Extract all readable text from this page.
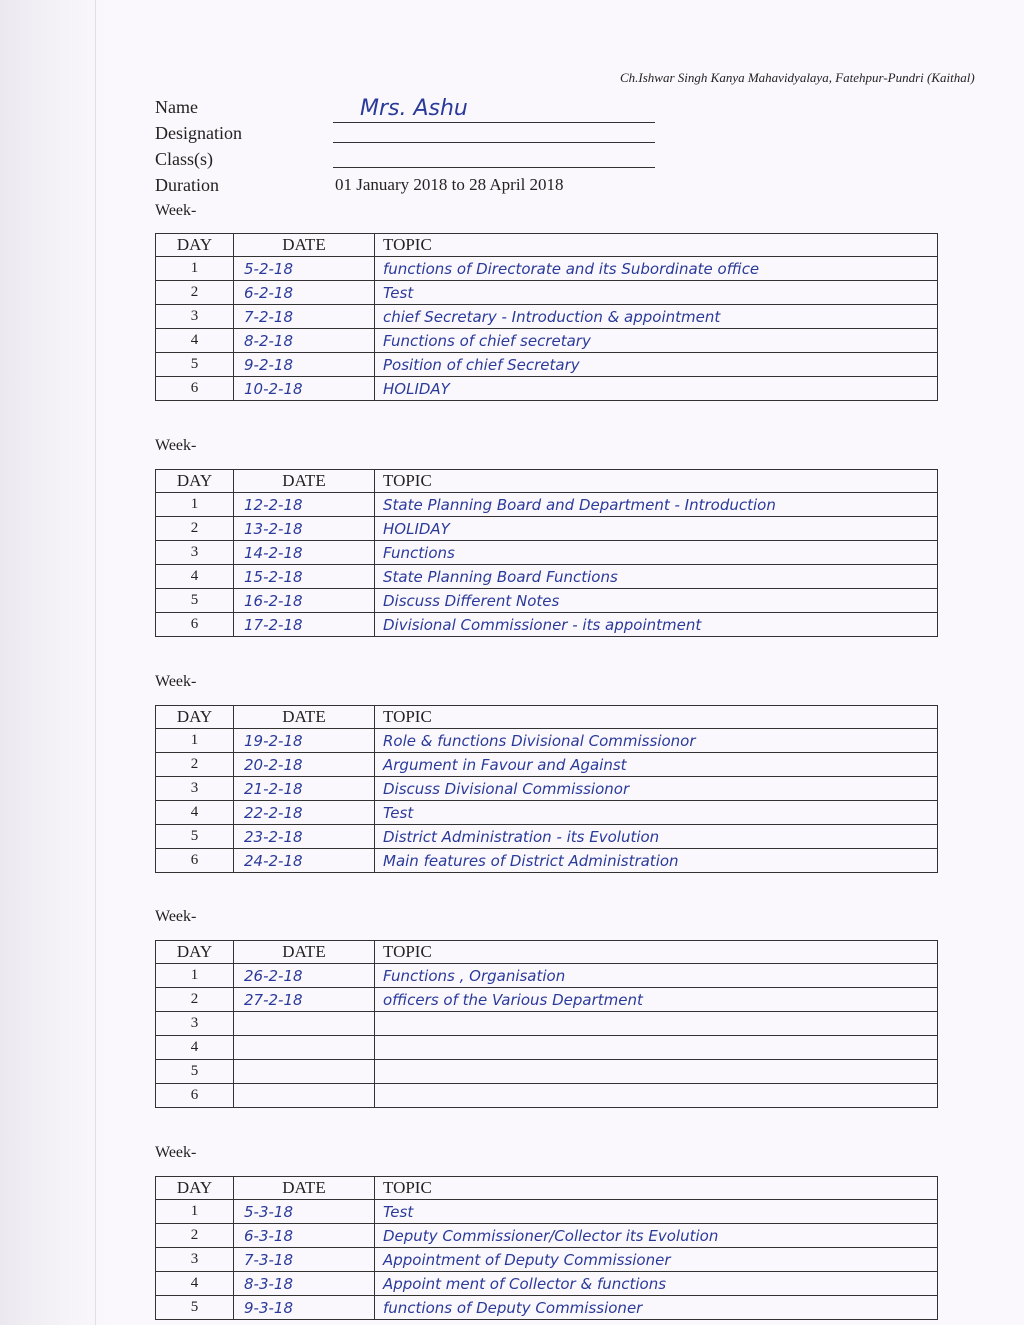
Ch.Ishwar Singh Kanya Mahavidyalaya, Fatehpur-Pundri (Kaithal)
Name	Mrs. Ashu
Designation
Class(s)
Duration	01 January 2018 to 28 April 2018
Week-
DAY	DATE	TOPIC
1	5-2-18	functions of Directorate and its Subordinate office
2	6-2-18	Test
3	7-2-18	chief Secretary - Introduction & appointment
4	8-2-18	Functions of chief secretary
5	9-2-18	Position of chief Secretary
6	10-2-18	HOLIDAY
Week-
DAY	DATE	TOPIC
1	12-2-18	State Planning Board and Department - Introduction
2	13-2-18	HOLIDAY
3	14-2-18	Functions
4	15-2-18	State Planning Board Functions
5	16-2-18	Discuss Different Notes
6	17-2-18	Divisional Commissioner - its appointment
Week-
DAY	DATE	TOPIC
1	19-2-18	Role & functions Divisional Commissionor
2	20-2-18	Argument in Favour and Against
3	21-2-18	Discuss Divisional Commissionor
4	22-2-18	Test
5	23-2-18	District Administration - its Evolution
6	24-2-18	Main features of District Administration
Week-
DAY	DATE	TOPIC
1	26-2-18	Functions , Organisation
2	27-2-18	officers of the Various Department
3		
4		
5		
6		
Week-
DAY	DATE	TOPIC
1	5-3-18	Test
2	6-3-18	Deputy Commissioner/Collector its Evolution
3	7-3-18	Appointment of Deputy Commissioner
4	8-3-18	Appoint ment of Collector & functions
5	9-3-18	functions of Deputy Commissioner
